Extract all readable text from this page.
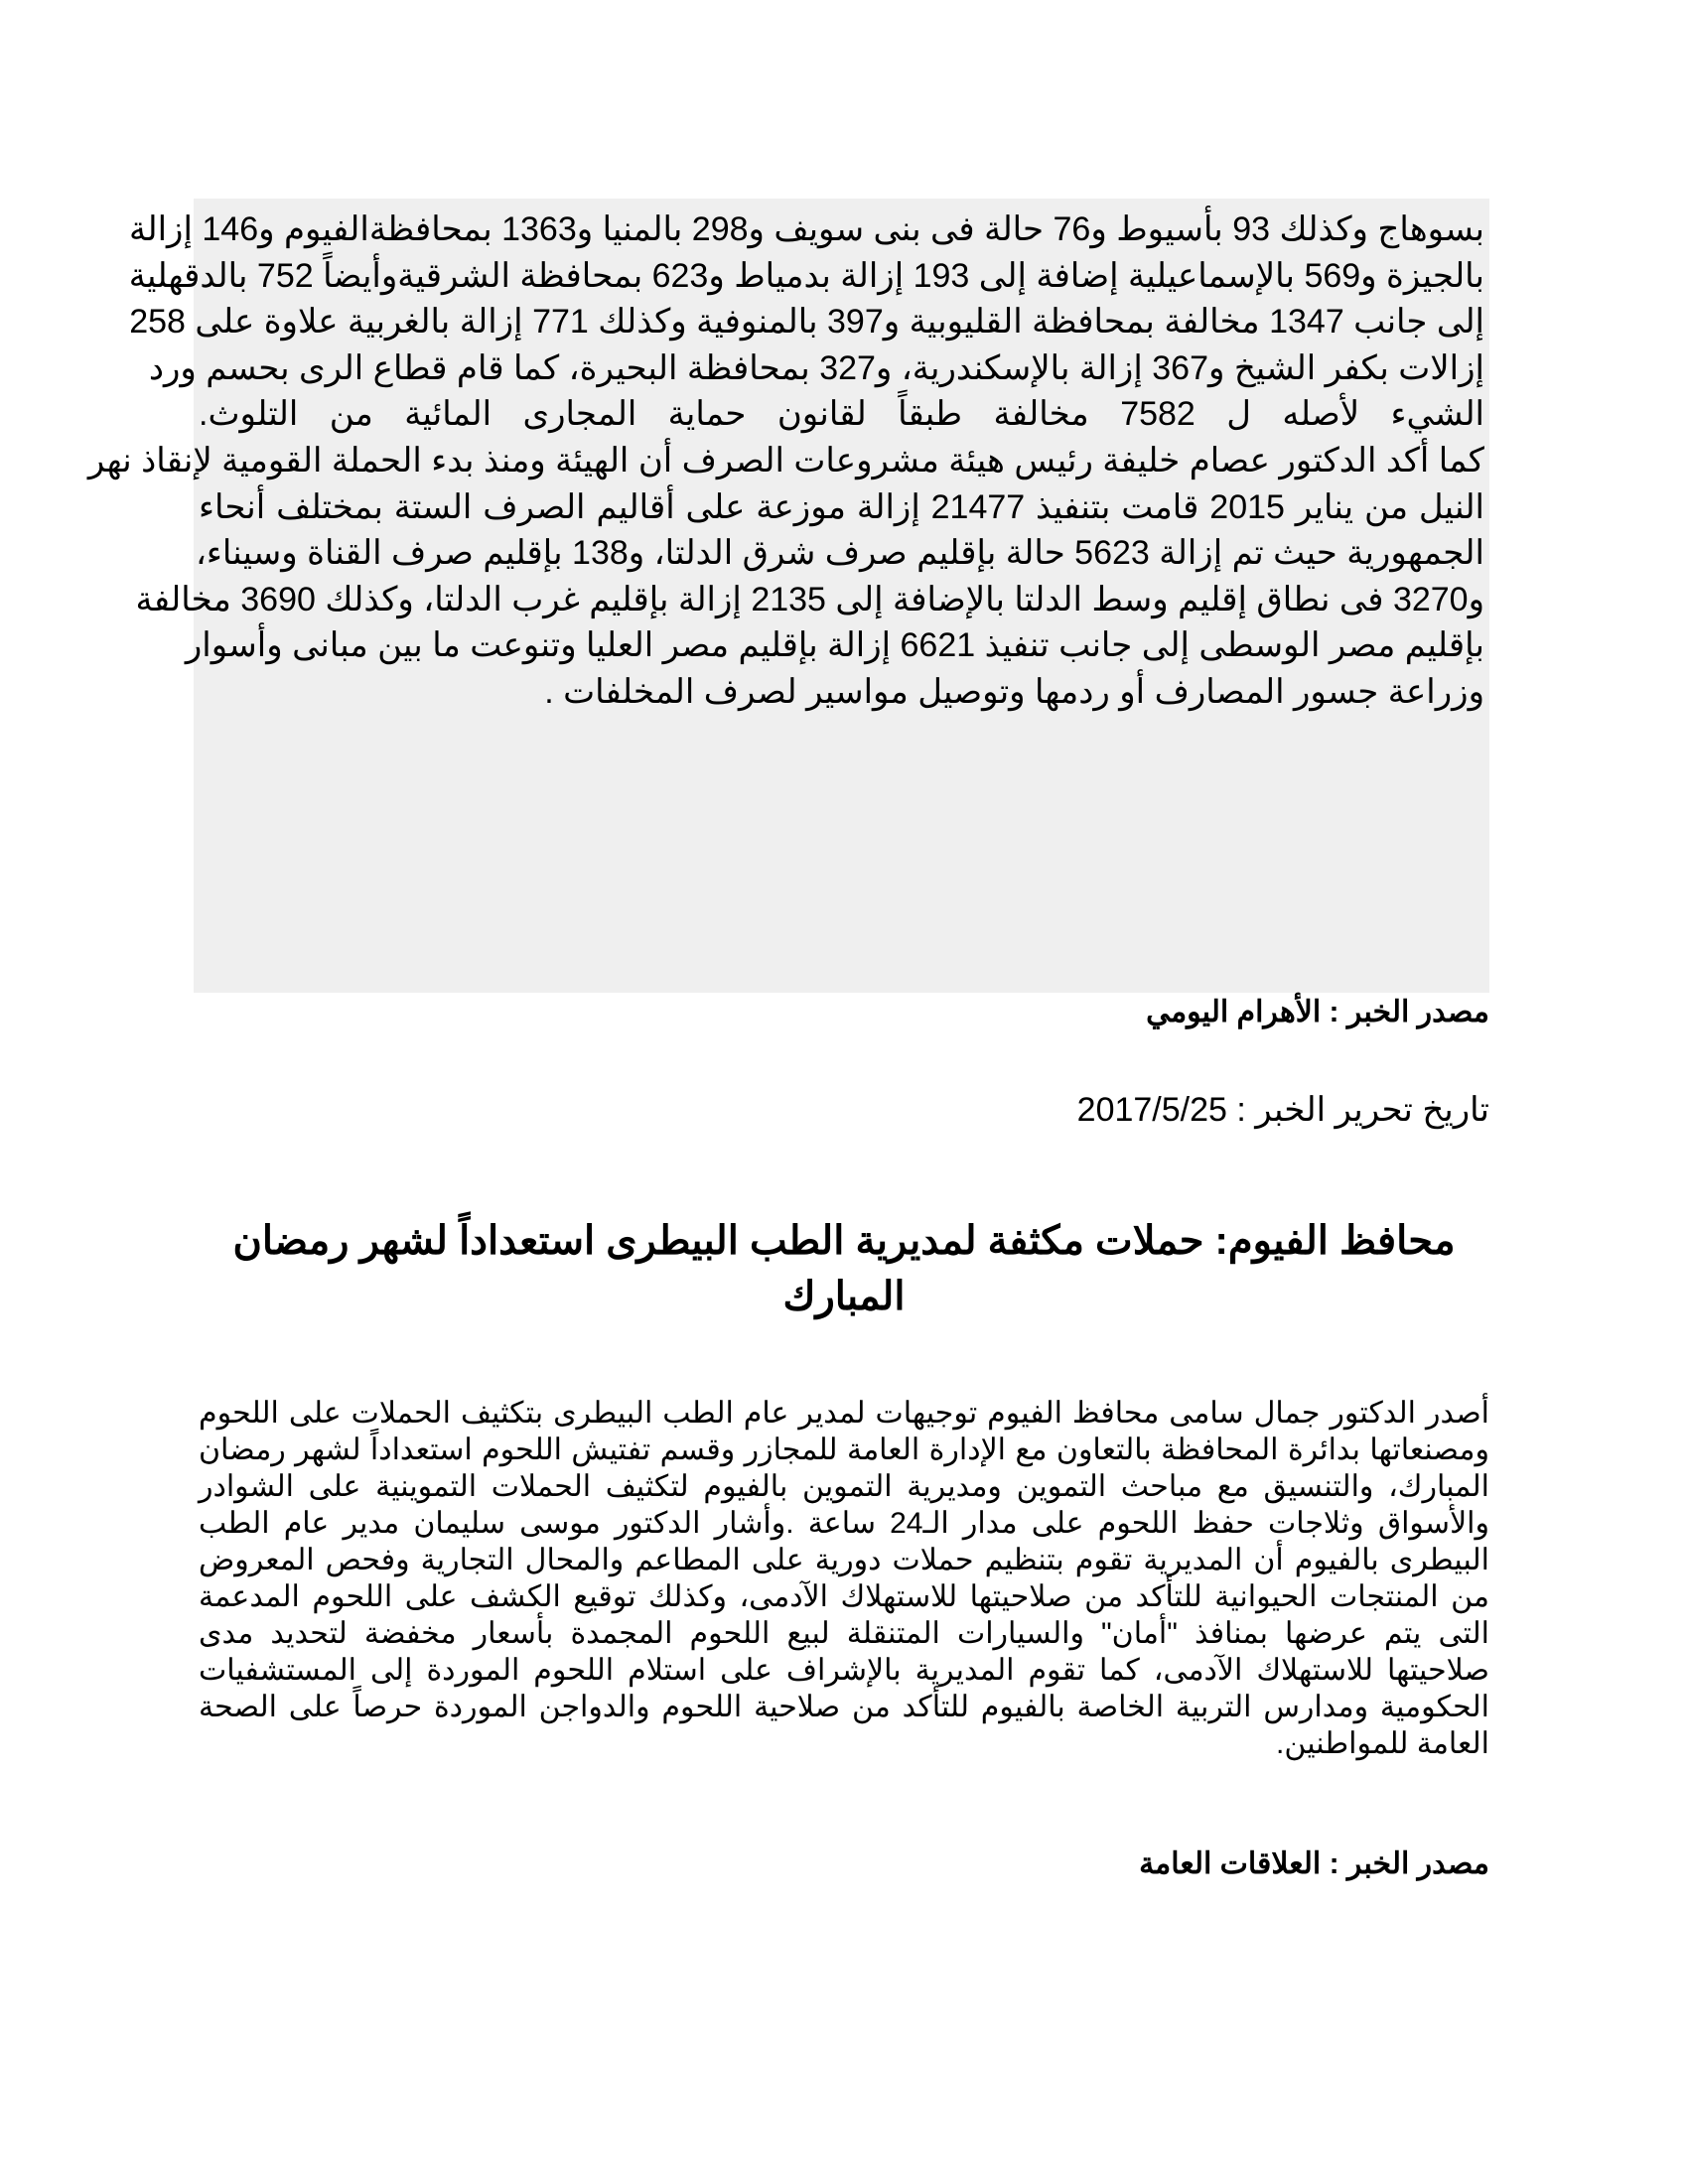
بسوهاج وكذلك 93 بأسيوط و76 حالة فى بنى سويف و298 بالمنيا و1363 بمحافظةالفيوم و146 إزالة
بالجيزة و569 بالإسماعيلية إضافة إلى 193 إزالة بدمياط و623 بمحافظة الشرقيةوأيضاً 752 بالدقهلية
إلى جانب 1347 مخالفة بمحافظة القليوبية و397 بالمنوفية وكذلك 771 إزالة بالغربية علاوة على 258
إزالات بكفر الشيخ و367 إزالة بالإسكندرية، و327 بمحافظة البحيرة، كما قام قطاع الرى بحسم ورد
الشيء لأصله ل 7582 مخالفة طبقاً لقانون حماية المجارى المائية من التلوث.
كما أكد الدكتور عصام خليفة رئيس هيئة مشروعات الصرف أن الهيئة ومنذ بدء الحملة القومية لإنقاذ نهر
النيل من يناير 2015 قامت بتنفيذ 21477 إزالة موزعة على أقاليم الصرف الستة بمختلف أنحاء
الجمهورية حيث تم إزالة 5623 حالة بإقليم صرف شرق الدلتا، و138 بإقليم صرف القناة وسيناء،
و3270 فى نطاق إقليم وسط الدلتا بالإضافة إلى 2135 إزالة بإقليم غرب الدلتا، وكذلك 3690 مخالفة
بإقليم مصر الوسطى إلى جانب تنفيذ 6621 إزالة بإقليم مصر العليا وتنوعت ما بين مبانى وأسوار
وزراعة جسور المصارف أو ردمها وتوصيل مواسير لصرف المخلفات .
مصدر الخبر : الأهرام اليومي
تاريخ تحرير الخبر : 2017/5/25
محافظ الفيوم: حملات مكثفة لمديرية الطب البيطرى استعداداً لشهر رمضان المبارك
أصدر الدكتور جمال سامى محافظ الفيوم توجيهات لمدير عام الطب البيطرى بتكثيف الحملات على اللحوم
ومصنعاتها بدائرة المحافظة بالتعاون مع الإدارة العامة للمجازر وقسم تفتيش اللحوم استعداداً لشهر رمضان
المبارك، والتنسيق مع مباحث التموين ومديرية التموين بالفيوم لتكثيف الحملات التموينية على الشوادر
والأسواق وثلاجات حفظ اللحوم على مدار الـ24 ساعة .وأشار الدكتور موسى سليمان مدير عام الطب
البيطرى بالفيوم أن المديرية تقوم بتنظيم حملات دورية على المطاعم والمحال التجارية وفحص المعروض
من المنتجات الحيوانية للتأكد من صلاحيتها للاستهلاك الآدمى، وكذلك توقيع الكشف على اللحوم المدعمة
التى يتم عرضها بمنافذ "أمان" والسيارات المتنقلة لبيع اللحوم المجمدة بأسعار مخفضة لتحديد مدى
صلاحيتها للاستهلاك الآدمى، كما تقوم المديرية بالإشراف على استلام اللحوم الموردة إلى المستشفيات
الحكومية ومدارس التربية الخاصة بالفيوم للتأكد من صلاحية اللحوم والدواجن الموردة حرصاً على الصحة
العامة للمواطنين.
مصدر الخبر : العلاقات العامة
